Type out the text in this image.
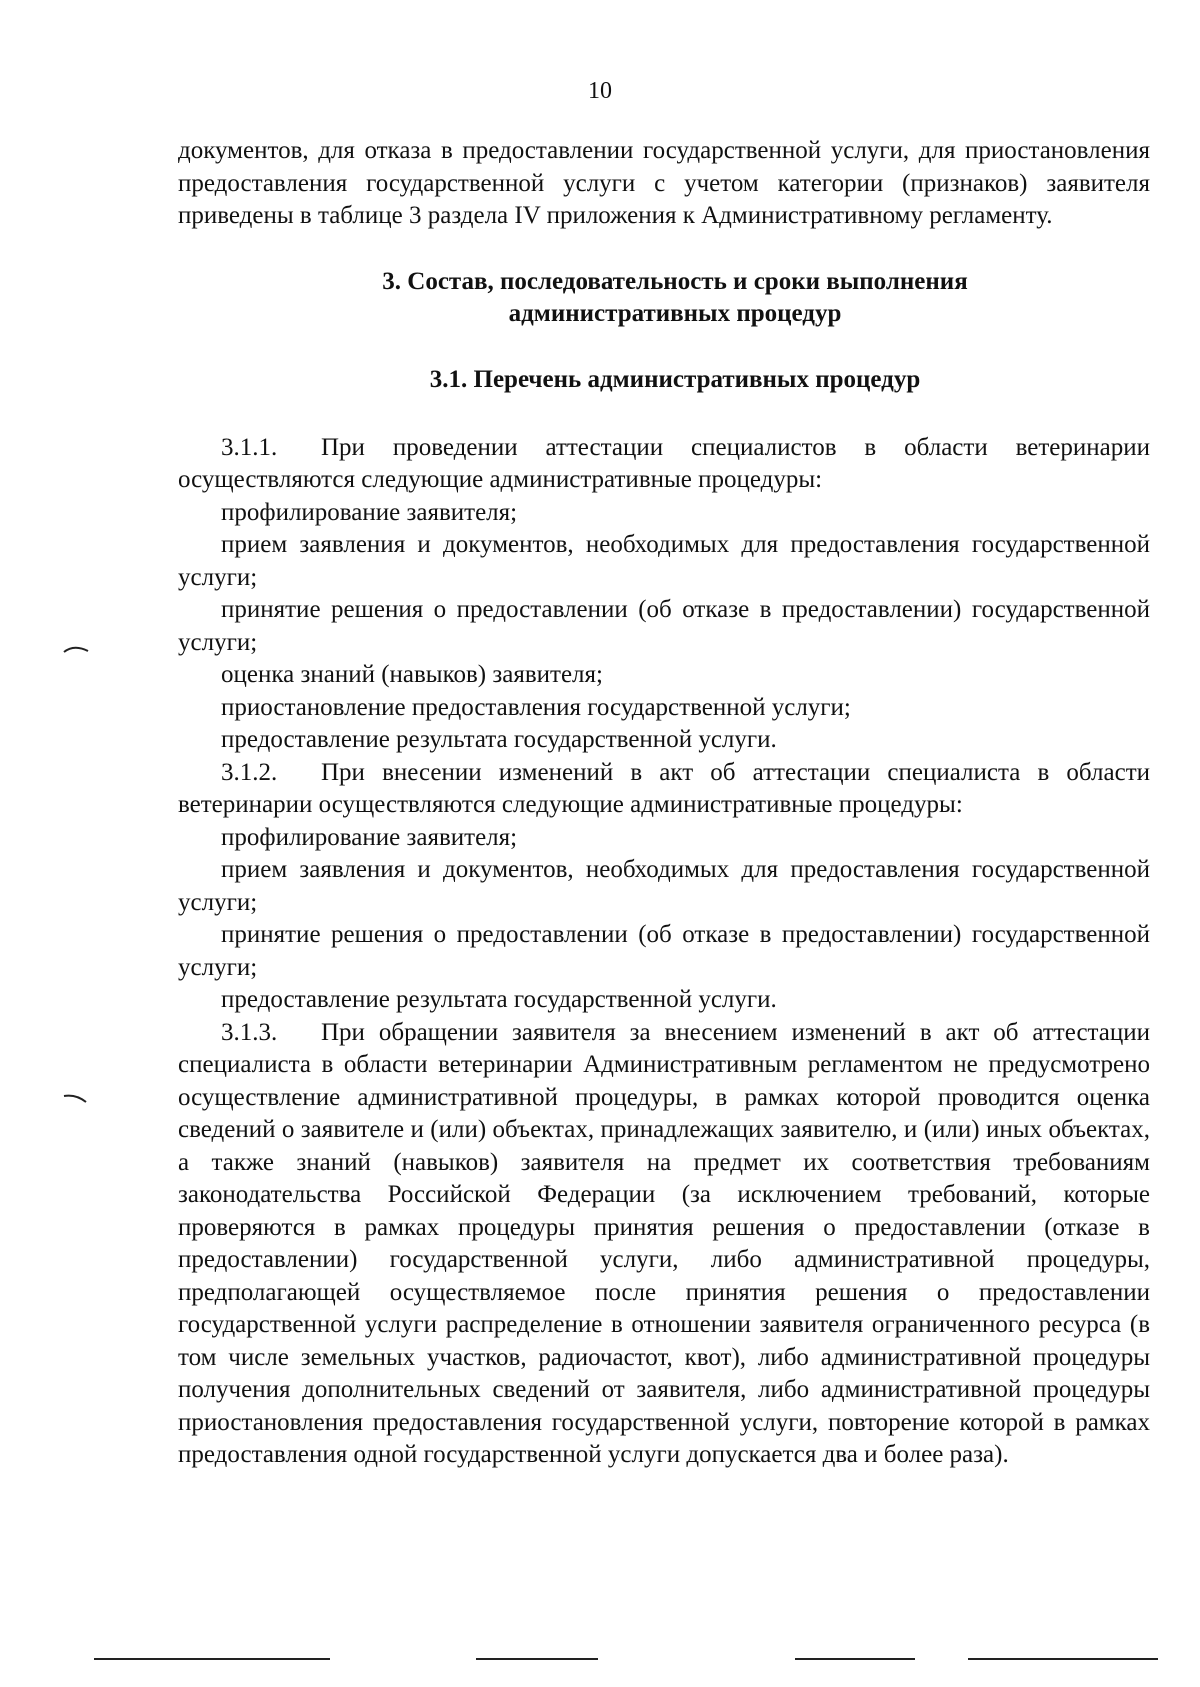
10

документов, для отказа в предоставлении государственной услуги, для приостановления предоставления государственной услуги с учетом категории (признаков) заявителя приведены в таблице 3 раздела IV приложения к Административному регламенту.

3. Состав, последовательность и сроки выполнения
административных процедур

3.1. Перечень административных процедур

3.1.1. При проведении аттестации специалистов в области ветеринарии осуществляются следующие административные процедуры:

профилирование заявителя;

прием заявления и документов, необходимых для предоставления государственной услуги;

принятие решения о предоставлении (об отказе в предоставлении) государственной услуги;

оценка знаний (навыков) заявителя;

приостановление предоставления государственной услуги;

предоставление результата государственной услуги.

3.1.2. При внесении изменений в акт об аттестации специалиста в области ветеринарии осуществляются следующие административные процедуры:

профилирование заявителя;

прием заявления и документов, необходимых для предоставления государственной услуги;

принятие решения о предоставлении (об отказе в предоставлении) государственной услуги;

предоставление результата государственной услуги.

3.1.3. При обращении заявителя за внесением изменений в акт об аттестации специалиста в области ветеринарии Административным регламентом не предусмотрено осуществление административной процедуры, в рамках которой проводится оценка сведений о заявителе и (или) объектах, принадлежащих заявителю, и (или) иных объектах, а также знаний (навыков) заявителя на предмет их соответствия требованиям законодательства Российской Федерации (за исключением требований, которые проверяются в рамках процедуры принятия решения о предоставлении (отказе в предоставлении) государственной услуги, либо административной процедуры, предполагающей осуществляемое после принятия решения о предоставлении государственной услуги распределение в отношении заявителя ограниченного ресурса (в том числе земельных участков, радиочастот, квот), либо административной процедуры получения дополнительных сведений от заявителя, либо административной процедуры приостановления предоставления государственной услуги, повторение которой в рамках предоставления одной государственной услуги допускается два и более раза).
